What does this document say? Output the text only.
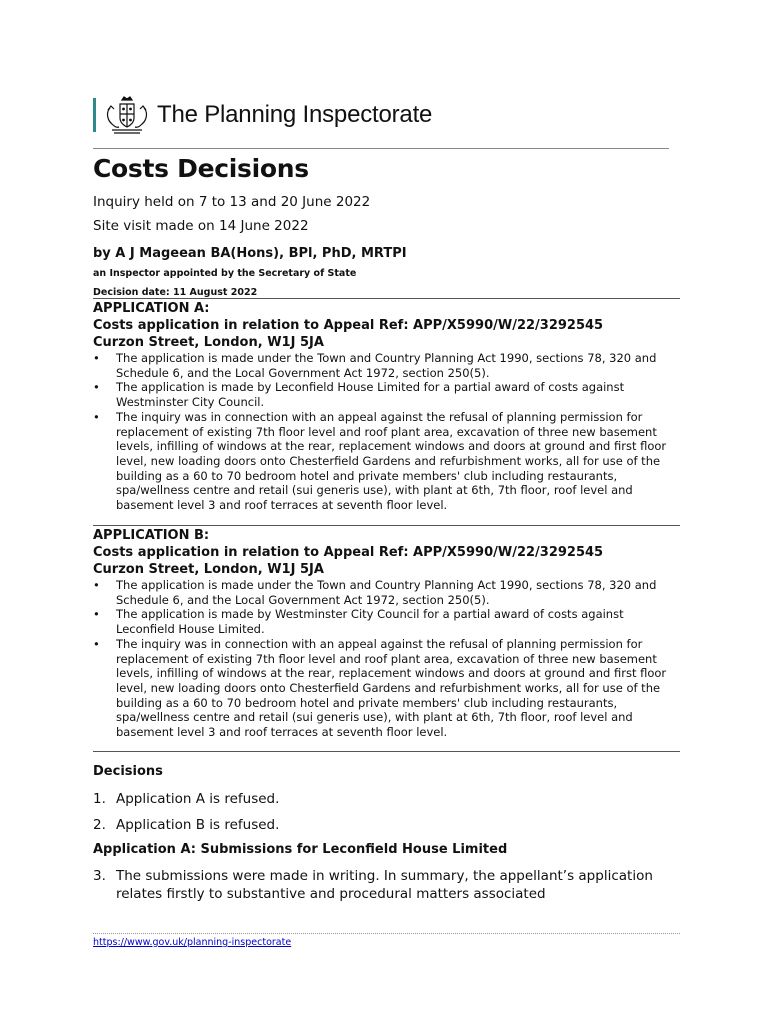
The Planning Inspectorate
Costs Decisions
Inquiry held on 7 to 13 and 20 June 2022
Site visit made on 14 June 2022
by A J Mageean BA(Hons), BPl, PhD, MRTPI
an Inspector appointed by the Secretary of State
Decision date: 11 August 2022
APPLICATION A:
Costs application in relation to Appeal Ref: APP/X5990/W/22/3292545
Curzon Street, London, W1J 5JA
• The application is made under the Town and Country Planning Act 1990, sections 78, 320 and Schedule 6, and the Local Government Act 1972, section 250(5).
• The application is made by Leconfield House Limited for a partial award of costs against Westminster City Council.
• The inquiry was in connection with an appeal against the refusal of planning permission for replacement of existing 7th floor level and roof plant area, excavation of three new basement levels, infilling of windows at the rear, replacement windows and doors at ground and first floor level, new loading doors onto Chesterfield Gardens and refurbishment works, all for use of the building as a 60 to 70 bedroom hotel and private members' club including restaurants, spa/wellness centre and retail (sui generis use), with plant at 6th, 7th floor, roof level and basement level 3 and roof terraces at seventh floor level.
APPLICATION B:
Costs application in relation to Appeal Ref: APP/X5990/W/22/3292545
Curzon Street, London, W1J 5JA
• The application is made under the Town and Country Planning Act 1990, sections 78, 320 and Schedule 6, and the Local Government Act 1972, section 250(5).
• The application is made by Westminster City Council for a partial award of costs against Leconfield House Limited.
• The inquiry was in connection with an appeal against the refusal of planning permission for replacement of existing 7th floor level and roof plant area, excavation of three new basement levels, infilling of windows at the rear, replacement windows and doors at ground and first floor level, new loading doors onto Chesterfield Gardens and refurbishment works, all for use of the building as a 60 to 70 bedroom hotel and private members' club including restaurants, spa/wellness centre and retail (sui generis use), with plant at 6th, 7th floor, roof level and basement level 3 and roof terraces at seventh floor level.
Decisions
1. Application A is refused.
2. Application B is refused.
Application A: Submissions for Leconfield House Limited
3. The submissions were made in writing. In summary, the appellant’s application relates firstly to substantive and procedural matters associated
https://www.gov.uk/planning-inspectorate
